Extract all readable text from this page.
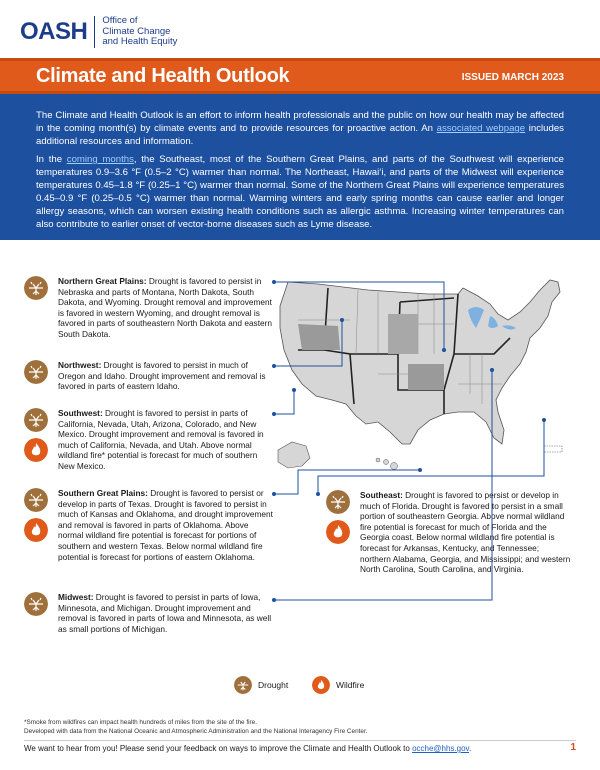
OASH Office of
Climate Change
and Health Equity
Climate and Health Outlook	ISSUED MARCH 2023

The Climate and Health Outlook is an effort to inform health professionals and the public on how our health may be affected in the coming month(s) by climate events and to provide resources for proactive action. An associated webpage includes additional resources and information.

In the coming months, the Southeast, most of the Southern Great Plains, and parts of the Southwest will experience temperatures 0.9–3.6 °F (0.5–2 °C) warmer than normal. The Northeast, Hawai‘i, and parts of the Midwest will experience temperatures 0.45–1.8 °F (0.25–1 °C) warmer than normal. Some of the Northern Great Plains will experience temperatures 0.45–0.9 °F (0.25–0.5 °C) warmer than normal. Warming winters and early spring months can cause earlier and longer allergy seasons, which can worsen existing health conditions such as allergic asthma. Increasing winter temperatures can also contribute to earlier onset of vector-borne diseases such as Lyme disease.

Northern Great Plains: Drought is favored to persist in Nebraska and parts of Montana, North Dakota, South Dakota, and Wyoming. Drought removal and improvement is favored in western Wyoming, and drought removal is favored in parts of southeastern North Dakota and eastern South Dakota.
Northwest: Drought is favored to persist in much of Oregon and Idaho. Drought improvement and removal is favored in parts of eastern Idaho.
Southwest: Drought is favored to persist in parts of California, Nevada, Utah, Arizona, Colorado, and New Mexico. Drought improvement and removal is favored in much of California, Nevada, and Utah. Above normal wildland fire* potential is forecast for much of southern New Mexico.
Southern Great Plains: Drought is favored to persist or develop in parts of Texas. Drought is favored to persist in much of Kansas and Oklahoma, and drought improvement and removal is favored in parts of Oklahoma. Above normal wildland fire potential is forecast for portions of southern and western Texas. Below normal wildland fire potential is forecast for portions of eastern Oklahoma.
Midwest: Drought is favored to persist in parts of Iowa, Minnesota, and Michigan. Drought improvement and removal is favored in parts of Iowa and Minnesota, as well as small portions of Michigan.
Southeast: Drought is favored to persist or develop in much of Florida. Drought is favored to persist in a small portion of southeastern Georgia. Above normal wildland fire potential is forecast for much of Florida and the Georgia coast. Below normal wildland fire potential is forecast for Arkansas, Kentucky, and Tennessee; northern Alabama, Georgia, and Mississippi; and western North Carolina, South Carolina, and Virginia.
Drought	Wildfire
*Smoke from wildfires can impact health hundreds of miles from the site of the fire.
Developed with data from the National Oceanic and Atmospheric Administration and the National Interagency Fire Center.
We want to hear from you! Please send your feedback on ways to improve the Climate and Health Outlook to ocche@hhs.gov.	1
